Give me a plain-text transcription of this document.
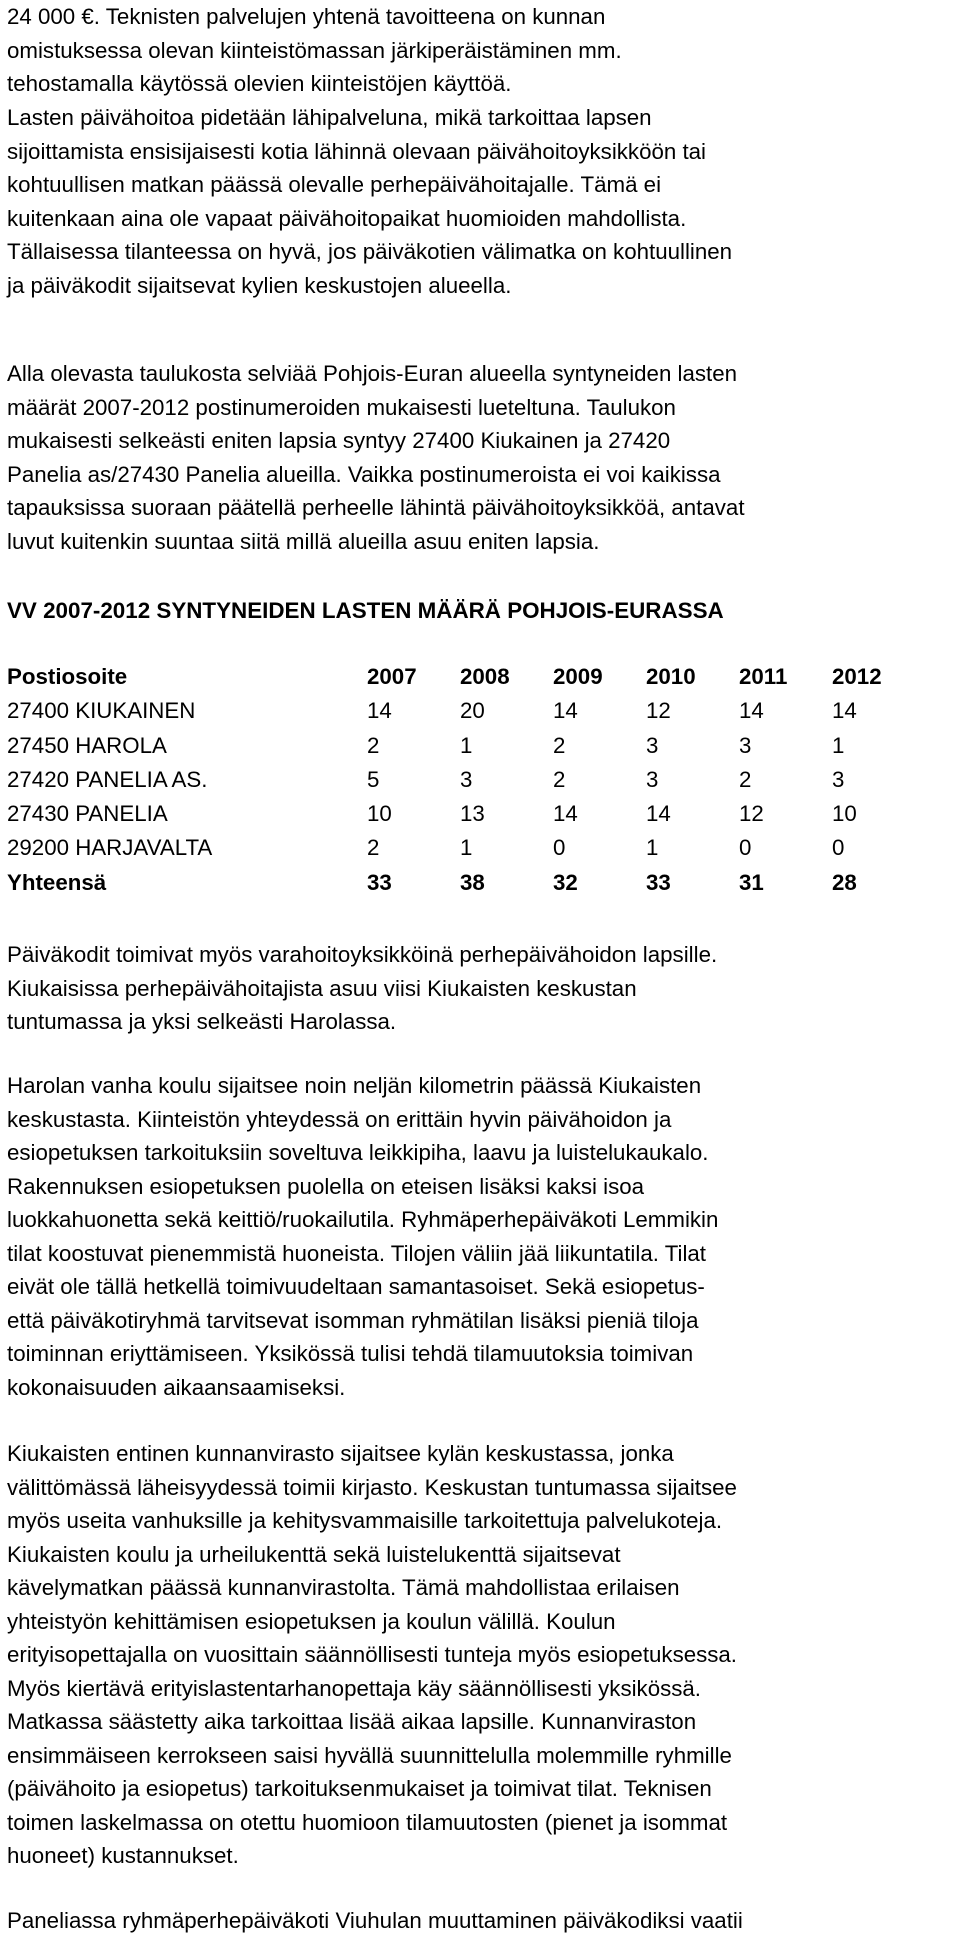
24 000 €. Teknisten palvelujen yhtenä tavoitteena on kunnan
omistuksessa olevan kiinteistömassan järkiperäistäminen mm.
tehostamalla käytössä olevien kiinteistöjen käyttöä.
Lasten päivähoitoa pidetään lähipalveluna, mikä tarkoittaa lapsen
sijoittamista ensisijaisesti kotia lähinnä olevaan päivähoitoyksikköön tai
kohtuullisen matkan päässä olevalle perhepäivähoitajalle. Tämä ei
kuitenkaan aina ole vapaat päivähoitopaikat huomioiden mahdollista.
Tällaisessa tilanteessa on hyvä, jos päiväkotien välimatka on kohtuullinen
ja päiväkodit sijaitsevat kylien keskustojen alueella.
Alla olevasta taulukosta selviää Pohjois-Euran alueella syntyneiden lasten
määrät 2007-2012 postinumeroiden mukaisesti lueteltuna. Taulukon
mukaisesti selkeästi eniten lapsia syntyy 27400 Kiukainen ja 27420
Panelia as/27430 Panelia alueilla. Vaikka postinumeroista ei voi kaikissa
tapauksissa suoraan päätellä perheelle lähintä päivähoitoyksikköä, antavat
luvut kuitenkin suuntaa siitä millä alueilla asuu eniten lapsia.
VV 2007-2012 SYNTYNEIDEN LASTEN MÄÄRÄ POHJOIS-EURASSA
Postiosoite	2007	2008	2009	2010	2011	2012
27400 KIUKAINEN	14	20	14	12	14	14
27450 HAROLA	2	1	2	3	3	1
27420 PANELIA AS.	5	3	2	3	2	3
27430 PANELIA	10	13	14	14	12	10
29200 HARJAVALTA	2	1	0	1	0	0
Yhteensä	33	38	32	33	31	28
Päiväkodit toimivat myös varahoitoyksikköinä perhepäivähoidon lapsille.
Kiukaisissa perhepäivähoitajista asuu viisi Kiukaisten keskustan
tuntumassa ja yksi selkeästi Harolassa.
Harolan vanha koulu sijaitsee noin neljän kilometrin päässä Kiukaisten
keskustasta. Kiinteistön yhteydessä on erittäin hyvin päivähoidon ja
esiopetuksen tarkoituksiin soveltuva leikkipiha, laavu ja luistelukaukalo.
Rakennuksen esiopetuksen puolella on eteisen lisäksi kaksi isoa
luokkahuonetta sekä keittiö/ruokailutila. Ryhmäperhepäiväkoti Lemmikin
tilat koostuvat pienemmistä huoneista. Tilojen väliin jää liikuntatila. Tilat
eivät ole tällä hetkellä toimivuudeltaan samantasoiset. Sekä esiopetus-
että päiväkotiryhmä tarvitsevat isomman ryhmätilan lisäksi pieniä tiloja
toiminnan eriyttämiseen. Yksikössä tulisi tehdä tilamuutoksia toimivan
kokonaisuuden aikaansaamiseksi.
Kiukaisten entinen kunnanvirasto sijaitsee kylän keskustassa, jonka
välittömässä läheisyydessä toimii kirjasto. Keskustan tuntumassa sijaitsee
myös useita vanhuksille ja kehitysvammaisille tarkoitettuja palvelukoteja.
Kiukaisten koulu ja urheilukenttä sekä luistelukenttä sijaitsevat
kävelymatkan päässä kunnanvirastolta. Tämä mahdollistaa erilaisen
yhteistyön kehittämisen esiopetuksen ja koulun välillä. Koulun
erityisopettajalla on vuosittain säännöllisesti tunteja myös esiopetuksessa.
Myös kiertävä erityislastentarhanopettaja käy säännöllisesti yksikössä.
Matkassa säästetty aika tarkoittaa lisää aikaa lapsille. Kunnanviraston
ensimmäiseen kerrokseen saisi hyvällä suunnittelulla molemmille ryhmille
(päivähoito ja esiopetus) tarkoituksenmukaiset ja toimivat tilat. Teknisen
toimen laskelmassa on otettu huomioon tilamuutosten (pienet ja isommat
huoneet) kustannukset.
Paneliassa ryhmäperhepäiväkoti Viuhulan muuttaminen päiväkodiksi vaatii
